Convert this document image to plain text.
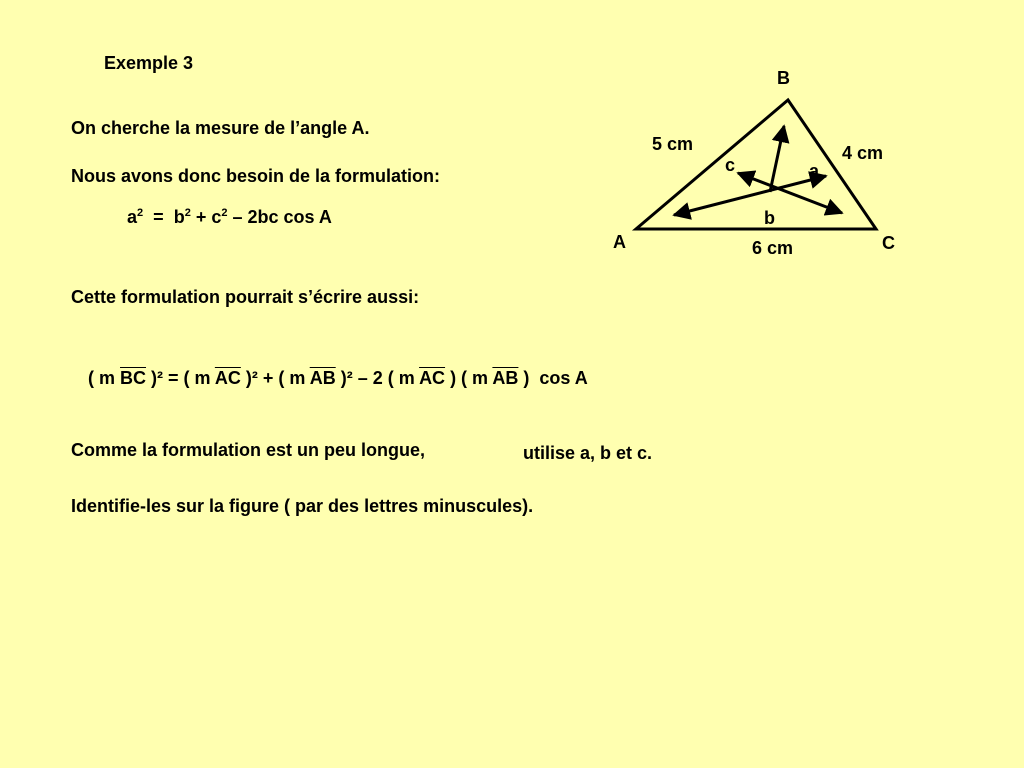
Exemple 3
On cherche la mesure de l’angle A.
Nous avons donc besoin de la formulation:
$a^2 = b^2 + c^2 - 2bc$ cos A
Cette formulation pourrait s’écrire aussi:
( m $\overline{BC}$ )² = ( m $\overline{AC}$ )² + ( m $\overline{AB}$ )² – 2 ( m $\overline{AC}$ ) ( m $\overline{AB}$ )  cos A
Comme la formulation est un peu longue,	utilise a, b et c.
Identifie-les sur la figure ( par des lettres minuscules).
A
B
C
5 cm	4 cm
6 cm
c	a
b
